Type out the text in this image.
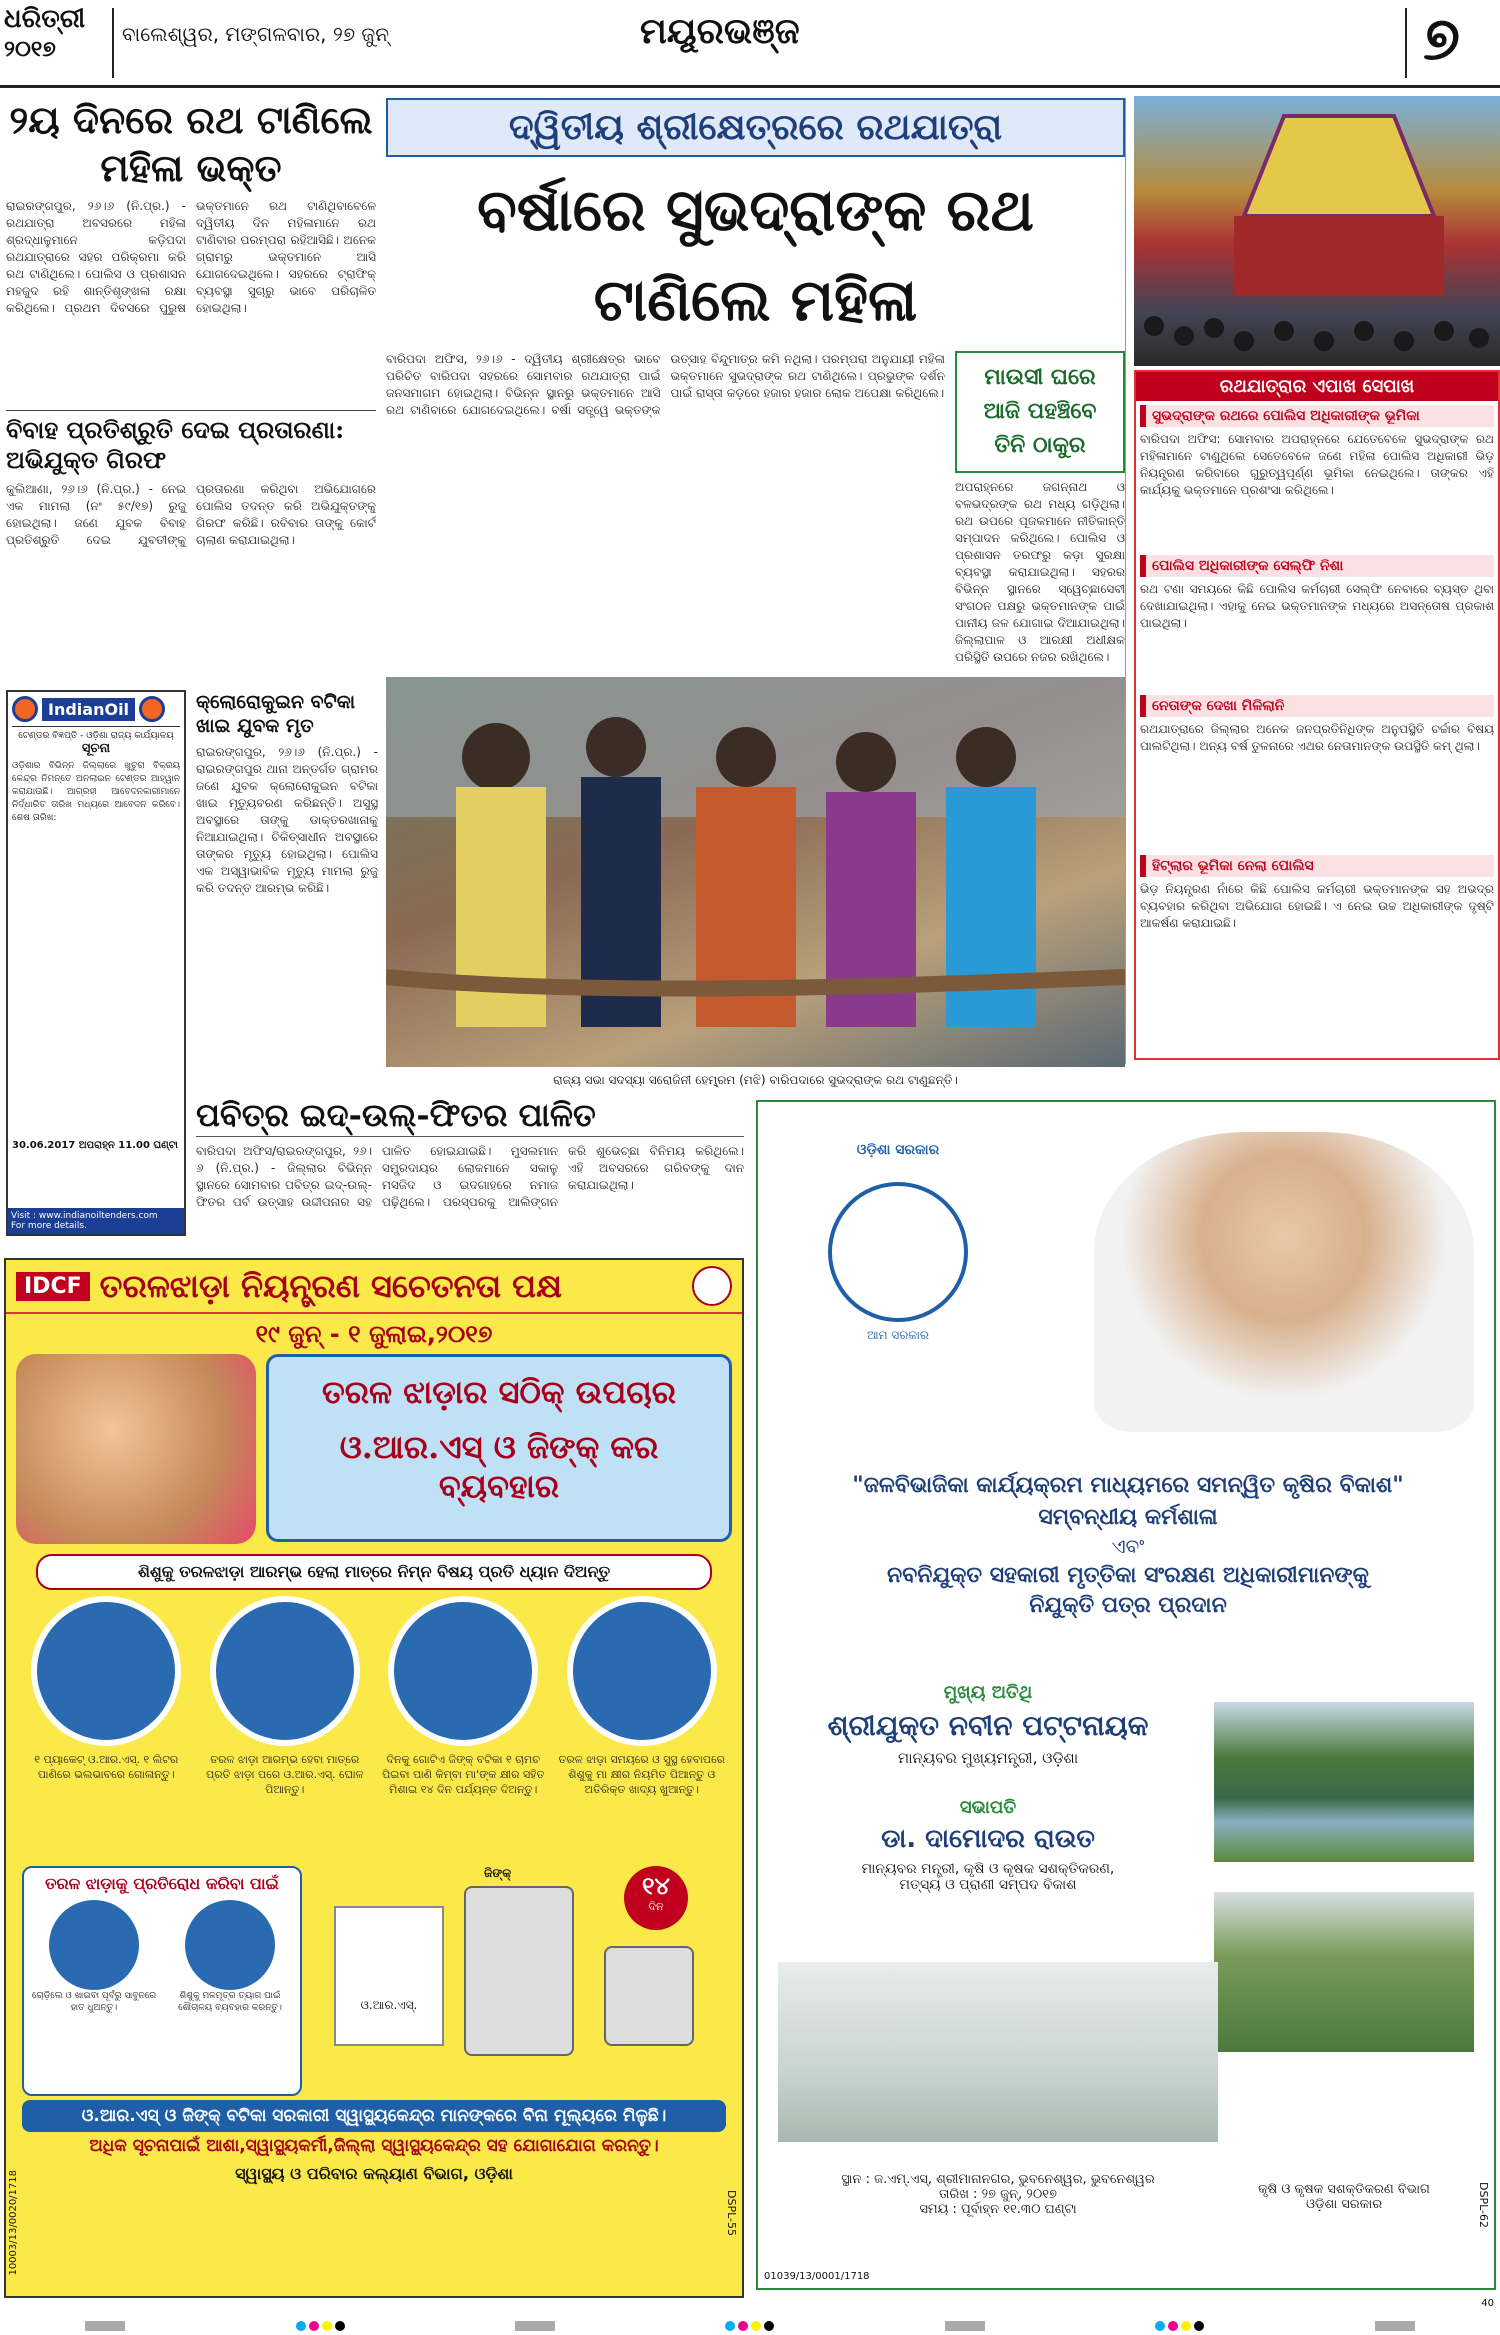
ଧରିତ୍ରୀ
୨୦୧୭
ବାଲେଶ୍ୱର, ମଙ୍ଗଳବାର, ୨୭ ଜୁନ୍	ମୟୂରଭଞ୍ଜ	୭
୨ୟ ଦିନରେ ରଥ ଟାଣିଲେ ମହିଳା ଭକ୍ତ
ରାଇରଙ୍ଗପୁର, ୨୬।୬ (ନି.ପ୍ର.) - ରଥଯାତ୍ରା ଅବସରରେ ମହିଳା ଶ୍ରଦ୍ଧାଳୁମାନେ କଡ଼ିପଦା ରଥଯାତ୍ରାରେ ସହର ପରିକ୍ରମା କରି ରଥ ଟାଣିଥିଲେ। ପୋଲିସ ଓ ପ୍ରଶାସନ ମହଜୁଦ ରହି ଶାନ୍ତିଶୃଙ୍ଖଳା ରକ୍ଷା କରିଥିଲେ। ପ୍ରଥମ ଦିବସରେ ପୁରୁଷ ଭକ୍ତମାନେ ରଥ ଟାଣିଥିବାବେଳେ ଦ୍ୱିତୀୟ ଦିନ ମହିଳାମାନେ ରଥ ଟାଣିବାର ପରମ୍ପରା ରହିଆସିଛି। ଅନେକ ଗ୍ରାମରୁ ଭକ୍ତମାନେ ଆସି ଯୋଗଦେଇଥିଲେ। ସହରରେ ଟ୍ରାଫିକ୍ ବ୍ୟବସ୍ଥା ସୁଚାରୁ ଭାବେ ପରିଚାଳିତ ହୋଇଥିଲା।
ବିବାହ ପ୍ରତିଶ୍ରୁତି ଦେଇ ପ୍ରତାରଣା: ଅଭିଯୁକ୍ତ ଗିରଫ
କୁଲିଆଣା, ୨୬।୬ (ନି.ପ୍ର.) - ନେଇ ଏକ ମାମଲା (ନଂ ୫୯/୧୭) ରୁଜୁ ହୋଇଥିଲା। ଜଣେ ଯୁବକ ବିବାହ ପ୍ରତିଶ୍ରୁତି ଦେଇ ଯୁବତୀଙ୍କୁ ପ୍ରତାରଣା କରିଥିବା ଅଭିଯୋଗରେ ପୋଲିସ ତଦନ୍ତ କରି ଅଭିଯୁକ୍ତଙ୍କୁ ଗିରଫ କରିଛି। ରବିବାର ତାଙ୍କୁ କୋର୍ଟ ଚାଲାଣ କରାଯାଇଥିଲା।
IndianOil
ଟେଣ୍ଡର ବିଜ୍ଞପ୍ତି - ଓଡ଼ିଶା ରାଜ୍ୟ କାର୍ଯ୍ୟାଳୟ
ସୂଚନା
ଓଡ଼ିଶାର ବିଭିନ୍ନ ଜିଲ୍ଲାରେ ଖୁଚୁରା ବିକ୍ରୟ କେନ୍ଦ୍ର ନିମନ୍ତେ ଅନଲାଇନ ଟେଣ୍ଡର ଆହ୍ୱାନ କରାଯାଉଛି। ଆଗ୍ରହୀ ଆବେଦନକାରୀମାନେ ନିର୍ଦ୍ଧାରିତ ତାରିଖ ମଧ୍ୟରେ ଆବେଦନ କରିବେ। ଶେଷ ତାରିଖ:
30.06.2017 ଅପରାହ୍ନ 11.00 ଘଣ୍ଟା
Visit : www.indianoiltenders.com
For more details.
କ୍ଲୋରୋକୁଇନ ବଟିକା ଖାଇ ଯୁବକ ମୃତ
ରାଇରଙ୍ଗପୁର, ୨୬।୬ (ନି.ପ୍ର.) - ରାଇରଙ୍ଗପୁର ଥାନା ଅନ୍ତର୍ଗତ ଗ୍ରାମର ଜଣେ ଯୁବକ କ୍ଲୋରୋକୁଇନ ବଟିକା ଖାଇ ମୃତ୍ୟୁବରଣ କରିଛନ୍ତି। ଅସୁସ୍ଥ ଅବସ୍ଥାରେ ତାଙ୍କୁ ଡାକ୍ତରଖାନାକୁ ନିଆଯାଇଥିଲା। ଚିକିତ୍ସାଧୀନ ଅବସ୍ଥାରେ ତାଙ୍କର ମୃତ୍ୟୁ ହୋଇଥିଲା। ପୋଲିସ ଏକ ଅସ୍ୱାଭାବିକ ମୃତ୍ୟୁ ମାମଲା ରୁଜୁ କରି ତଦନ୍ତ ଆରମ୍ଭ କରିଛି।
ଦ୍ୱିତୀୟ ଶ୍ରୀକ୍ଷେତ୍ରରେ ରଥଯାତ୍ରା
ବର୍ଷାରେ ସୁଭଦ୍ରାଙ୍କ ରଥ ଟାଣିଲେ ମହିଳା
ବାରିପଦା ଅଫିସ, ୨୬।୬ - ଦ୍ୱିତୀୟ ଶ୍ରୀକ୍ଷେତ୍ର ଭାବେ ପରିଚିତ ବାରିପଦା ସହରରେ ସୋମବାର ରଥଯାତ୍ରା ପାଇଁ ଜନସମାଗମ ହୋଇଥିଲା। ବିଭିନ୍ନ ସ୍ଥାନରୁ ଭକ୍ତମାନେ ଆସି ରଥ ଟାଣିବାରେ ଯୋଗଦେଇଥିଲେ। ବର୍ଷା ସତ୍ତ୍ୱେ ଭକ୍ତଙ୍କ ଉତ୍ସାହ ବିନ୍ଦୁମାତ୍ର କମି ନଥିଲା। ପରମ୍ପରା ଅନୁଯାୟୀ ମହିଳା ଭକ୍ତମାନେ ସୁଭଦ୍ରାଙ୍କ ରଥ ଟାଣିଥିଲେ। ପ୍ରଭୁଙ୍କ ଦର୍ଶନ ପାଇଁ ରାସ୍ତା କଡ଼ରେ ହଜାର ହଜାର ଲୋକ ଅପେକ୍ଷା କରିଥିଲେ।
ମାଉସୀ ଘରେ ଆଜି ପହଞ୍ଚିବେ ତିନି ଠାକୁର
ଅପରାହ୍ନରେ ଜଗନ୍ନାଥ ଓ ବଳଭଦ୍ରଙ୍କ ରଥ ମଧ୍ୟ ଗଡ଼ିଥିଲା। ରଥ ଉପରେ ପୂଜକମାନେ ନୀତିକାନ୍ତି ସମ୍ପାଦନ କରିଥିଲେ। ପୋଲିସ ଓ ପ୍ରଶାସନ ତରଫରୁ କଡ଼ା ସୁରକ୍ଷା ବ୍ୟବସ୍ଥା କରାଯାଇଥିଲା। ସହରର ବିଭିନ୍ନ ସ୍ଥାନରେ ସ୍ୱେଚ୍ଛାସେବୀ ସଂଗଠନ ପକ୍ଷରୁ ଭକ୍ତମାନଙ୍କ ପାଇଁ ପାନୀୟ ଜଳ ଯୋଗାଇ ଦିଆଯାଇଥିଲା। ଜିଲ୍ଲାପାଳ ଓ ଆରକ୍ଷୀ ଅଧୀକ୍ଷକ ପରିସ୍ଥିତି ଉପରେ ନଜର ରଖିଥିଲେ।
ରାଜ୍ୟ ସଭା ସଦସ୍ୟା ସରୋଜିନୀ ହେମ୍ବ୍ରମ (ମଝି) ବାରିପଦାରେ ସୁଭଦ୍ରାଙ୍କ ରଥ ଟାଣୁଛନ୍ତି।
ରଥଯାତ୍ରାର ଏପାଖ ସେପାଖ
ସୁଭଦ୍ରାଙ୍କ ରଥରେ ପୋଲିସ ଅଧିକାରୀଙ୍କ ଭୂମିକା
ବାରିପଦା ଅଫିସ: ସୋମବାର ଅପରାହ୍ନରେ ଯେତେବେଳେ ସୁଭଦ୍ରାଙ୍କ ରଥ ମହିଳାମାନେ ଟାଣୁଥିଲେ ସେତେବେଳେ ଜଣେ ମହିଳା ପୋଲିସ ଅଧିକାରୀ ଭିଡ଼ ନିୟନ୍ତ୍ରଣ କରିବାରେ ଗୁରୁତ୍ୱପୂର୍ଣ୍ଣ ଭୂମିକା ନେଇଥିଲେ। ତାଙ୍କର ଏହି କାର୍ଯ୍ୟକୁ ଭକ୍ତମାନେ ପ୍ରଶଂସା କରିଥିଲେ।
ପୋଲିସ ଅଧିକାରୀଙ୍କ ସେଲ୍ଫି ନିଶା
ରଥ ଟଣା ସମୟରେ କିଛି ପୋଲିସ କର୍ମଚାରୀ ସେଲ୍ଫି ନେବାରେ ବ୍ୟସ୍ତ ଥିବା ଦେଖାଯାଇଥିଲା। ଏହାକୁ ନେଇ ଭକ୍ତମାନଙ୍କ ମଧ୍ୟରେ ଅସନ୍ତୋଷ ପ୍ରକାଶ ପାଇଥିଲା।
ନେତାଙ୍କ ଦେଖା ମିଳିଲାନି
ରଥଯାତ୍ରାରେ ଜିଲ୍ଲାର ଅନେକ ଜନପ୍ରତିନିଧିଙ୍କ ଅନୁପସ୍ଥିତି ଚର୍ଚ୍ଚାର ବିଷୟ ପାଲଟିଥିଲା। ଅନ୍ୟ ବର୍ଷ ତୁଳନାରେ ଏଥର ନେତାମାନଙ୍କ ଉପସ୍ଥିତି କମ୍ ଥିଲା।
ହିଟ୍‌ଲାର ଭୂମିକା ନେଲା ପୋଲିସ
ଭିଡ଼ ନିୟନ୍ତ୍ରଣ ନାଁରେ କିଛି ପୋଲିସ କର୍ମଚାରୀ ଭକ୍ତମାନଙ୍କ ସହ ଅଭଦ୍ର ବ୍ୟବହାର କରିଥିବା ଅଭିଯୋଗ ହୋଇଛି। ଏ ନେଇ ଉଚ୍ଚ ଅଧିକାରୀଙ୍କ ଦୃଷ୍ଟି ଆକର୍ଷଣ କରାଯାଇଛି।
ପବିତ୍ର ଇଦ୍-ଉଲ୍-ଫିତର ପାଳିତ
ବାରିପଦା ଅଫିସ/ରାଇରଙ୍ଗପୁର, ୨୬।୬ (ନି.ପ୍ର.) - ଜିଲ୍ଲାର ବିଭିନ୍ନ ସ୍ଥାନରେ ସୋମବାର ପବିତ୍ର ଇଦ୍-ଉଲ୍-ଫିତର ପର୍ବ ଉତ୍ସାହ ଉଦ୍ଦୀପନାର ସହ ପାଳିତ ହୋଇଯାଇଛି। ମୁସଲମାନ ସମ୍ପ୍ରଦାୟର ଲୋକମାନେ ସକାଳୁ ମସଜିଦ ଓ ଇଦଗାହରେ ନମାଜ ପଢ଼ିଥିଲେ। ପରସ୍ପରକୁ ଆଲିଙ୍ଗନ କରି ଶୁଭେଚ୍ଛା ବିନିମୟ କରିଥିଲେ। ଏହି ଅବସରରେ ଗରିବଙ୍କୁ ଦାନ କରାଯାଇଥିଲା।
IDCF ତରଳଝାଡ଼ା ନିୟନ୍ତ୍ରଣ ସଚେତନତା ପକ୍ଷ
୧୯ ଜୁନ୍ - ୧ ଜୁଲାଇ,୨୦୧୭
ତରଳ ଝାଡ଼ାର ସଠିକ୍ ଉପଚାର
ଓ.ଆର.ଏସ୍ ଓ ଜିଙ୍କ୍ କର ବ୍ୟବହାର
ଶିଶୁକୁ ତରଳଝାଡ଼ା ଆରମ୍ଭ ହେଲା ମାତ୍ରେ ନିମ୍ନ ବିଷୟ ପ୍ରତି ଧ୍ୟାନ ଦିଅନ୍ତୁ
୧ ପ୍ୟାକେଟ୍ ଓ.ଆର.ଏସ୍. ୧ ଲିଟର ପାଣିରେ ଭଲଭାବରେ ଗୋଳାନ୍ତୁ।
ତରଳ ଝାଡ଼ା ଆରମ୍ଭ ହେବା ମାତ୍ରେ ପ୍ରତି ଝାଡ଼ା ପରେ ଓ.ଆର.ଏସ୍. ଘୋଳ ପିଆନ୍ତୁ।
ଦିନକୁ ଗୋଟିଏ ଜିଙ୍କ୍ ବଟିକା ୧ ଚାମଚ ପିଇବା ପାଣି କିମ୍ବା ମା'ଙ୍କ କ୍ଷୀର ସହିତ ମିଶାଇ ୧୪ ଦିନ ପର୍ଯ୍ୟନ୍ତ ଦିଅନ୍ତୁ।
ତରଳ ଝାଡ଼ା ସମୟରେ ଓ ସୁସ୍ଥ ହେବାପରେ ଶିଶୁକୁ ମା କ୍ଷୀର ନିୟମିତ ପିଆନ୍ତୁ ଓ ଅତିରିକ୍ତ ଖାଦ୍ୟ ଖୁଆନ୍ତୁ।
ତରଳ ଝାଡ଼ାକୁ ପ୍ରତିରୋଧ କରିବା ପାଇଁ
ଚୋଡ଼ିଲେ ଓ ଖାଇବା ପୂର୍ବରୁ ସାବୁନରେ ହାତ ଧୁଅନ୍ତୁ।
ଶିଶୁକୁ ମଳମୂତ୍ର ତ୍ୟାଗ ପାଇଁ ଶୌଚାଳୟ ବ୍ୟବହାର କରନ୍ତୁ।	ଓ.ଆର.ଏସ୍.
ଜିଙ୍କ୍	୧୪
ଦିନ
ଓ.ଆର.ଏସ୍ ଓ ଜିଙ୍କ୍ ବଟିକା ସରକାରୀ ସ୍ୱାସ୍ଥ୍ୟକେନ୍ଦ୍ର ମାନଙ୍କରେ ବିନା ମୂଲ୍ୟରେ ମିଳୁଛି।
ଅଧିକ ସୂଚନାପାଇଁ ଆଶା,ସ୍ୱାସ୍ଥ୍ୟକର୍ମୀ,ଜିଲ୍ଲା ସ୍ୱାସ୍ଥ୍ୟକେନ୍ଦ୍ର ସହ ଯୋଗାଯୋଗ କରନ୍ତୁ।
ସ୍ୱାସ୍ଥ୍ୟ ଓ ପରିବାର କଲ୍ୟାଣ ବିଭାଗ, ଓଡ଼ିଶା
DSPL-55
10003/13/0020/1718
ଓଡ଼ିଶା ସରକାର
ଆମ ସରକାର
"ଜଳବିଭାଜିକା କାର୍ଯ୍ୟକ୍ରମ ମାଧ୍ୟମରେ ସମନ୍ୱିତ କୃଷିର ବିକାଶ"
ସମ୍ବନ୍ଧୀୟ କର୍ମଶାଳା
ଏବଂ
ନବନିଯୁକ୍ତ ସହକାରୀ ମୃତ୍ତିକା ସଂରକ୍ଷଣ ଅଧିକାରୀମାନଙ୍କୁ
ନିଯୁକ୍ତି ପତ୍ର ପ୍ରଦାନ
ମୁଖ୍ୟ ଅତିଥି
ଶ୍ରୀଯୁକ୍ତ ନବୀନ ପଟ୍ଟନାୟକ
ମାନ୍ୟବର ମୁଖ୍ୟମନ୍ତ୍ରୀ, ଓଡ଼ିଶା
ସଭାପତି
ଡା. ଦାମୋଦର ରାଉତ
ମାନ୍ୟବର ମନ୍ତ୍ରୀ, କୃଷି ଓ କୃଷକ ସଶକ୍ତିକରଣ,
ମତ୍ସ୍ୟ ଓ ପ୍ରାଣୀ ସମ୍ପଦ ବିକାଶ
ସ୍ଥାନ : ଜ.ଏମ୍.ଏସ୍, ଶ୍ରୀମାନାନଗର, ଭୁବନେଶ୍ୱର, ଭୁବନେଶ୍ୱର
ତାରିଖ : ୨୭ ଜୁନ୍, ୨୦୧୭
ସମୟ : ପୂର୍ବାହ୍ନ ୧୧.୩୦ ଘଣ୍ଟା
କୃଷି ଓ କୃଷକ ସଶକ୍ତିକରଣ ବିଭାଗ
ଓଡ଼ିଶା ସରକାର
01039/13/0001/1718
DSPL-62
40
